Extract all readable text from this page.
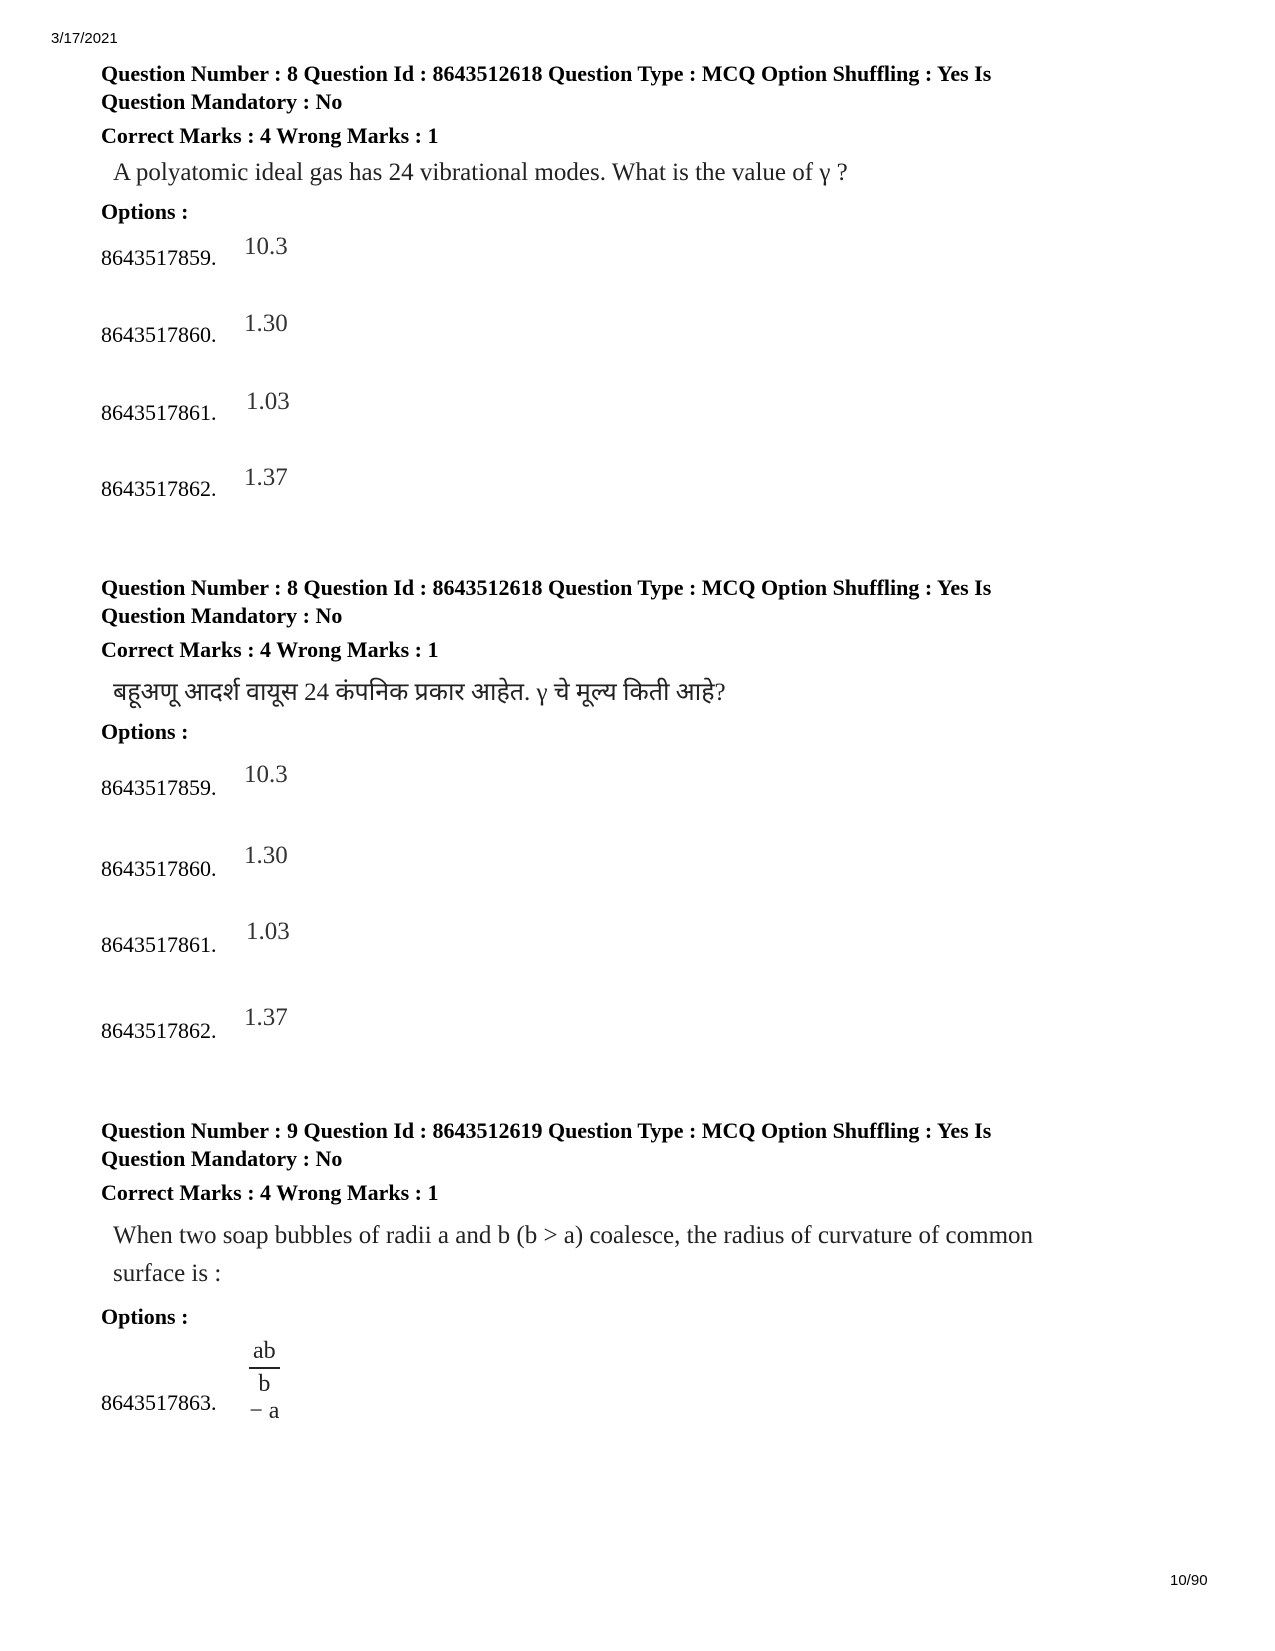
3/17/2021

Question Number : 8 Question Id : 8643512618 Question Type : MCQ Option Shuffling : Yes Is

Question Mandatory : No

Correct Marks : 4 Wrong Marks : 1

A polyatomic ideal gas has 24 vibrational modes. What is the value of γ ?

Options :

8643517859. 10.3
8643517860. 1.30
8643517861. 1.03
8643517862. 1.37

Question Number : 8 Question Id : 8643512618 Question Type : MCQ Option Shuffling : Yes Is

Question Mandatory : No

Correct Marks : 4 Wrong Marks : 1

बहूअणू आदर्श वायूस 24 कंपनिक प्रकार आहेत. γ चे मूल्य किती आहे?

Options :

8643517859. 10.3
8643517860. 1.30
8643517861. 1.03
8643517862. 1.37

Question Number : 9 Question Id : 8643512619 Question Type : MCQ Option Shuffling : Yes Is

Question Mandatory : No

Correct Marks : 4 Wrong Marks : 1

When two soap bubbles of radii a and b (b > a) coalesce, the radius of curvature of common

surface is :

Options :

8643517863. $\frac{ab}{b - a}$
10/90
